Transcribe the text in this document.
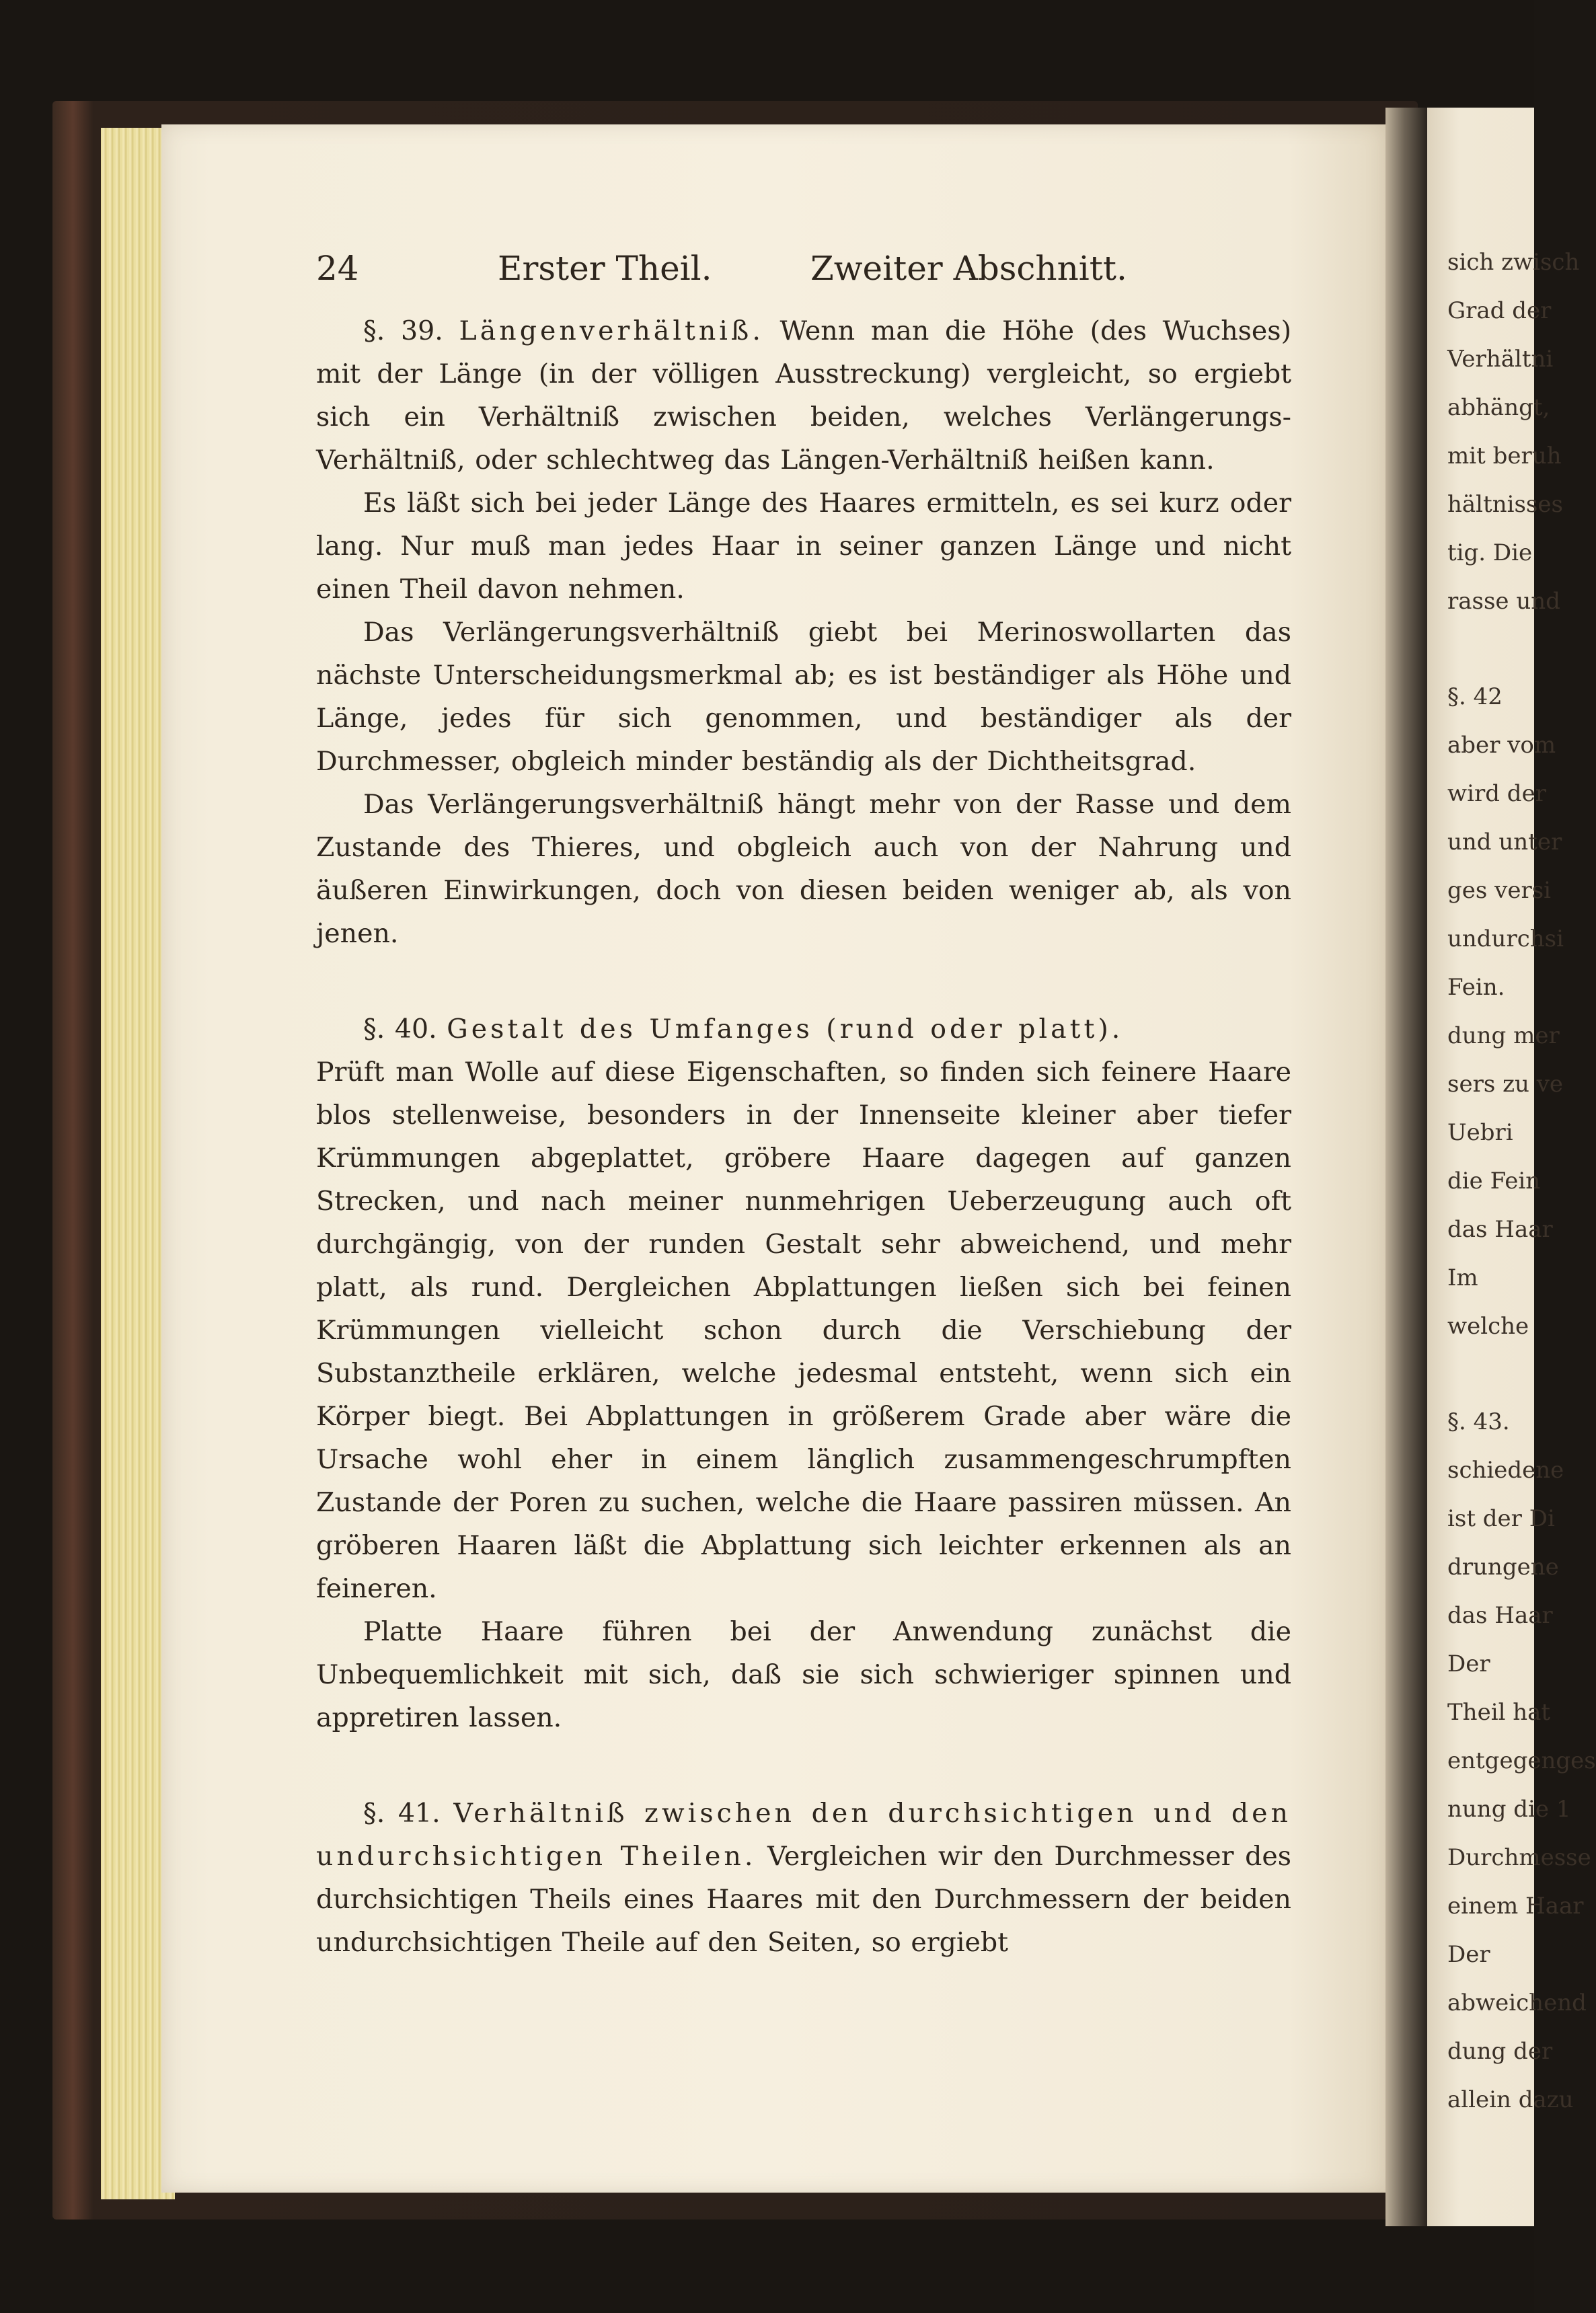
sich zwisch
Grad der
Verhältni
abhängt,
mit beruh
hältnisses
tig. Die
rasse und
§. 42
aber vom
wird der
und unter
ges versi
undurchsi
Fein.
dung mer
sers zu ve
Uebri
die Fein
das Haar
Im
welche
§. 43.
schiedene
ist der Di
drungene
das Haar
Der
Theil hat
entgegenges
nung die 1
Durchmesse
einem Haar
Der
abweichend
dung der
allein dazu
24	Erster Theil.	Zweiter Abschnitt.

§. 39. Längenverhältniß. Wenn man die Höhe (des Wuchses) mit der Länge (in der völligen Ausstreckung) vergleicht, so ergiebt sich ein Verhältniß zwischen beiden, welches Verlängerungs-Verhältniß, oder schlechtweg das Längen-Verhältniß heißen kann.

Es läßt sich bei jeder Länge des Haares ermitteln, es sei kurz oder lang. Nur muß man jedes Haar in seiner ganzen Länge und nicht einen Theil davon nehmen.

Das Verlängerungsverhältniß giebt bei Merinoswollarten das nächste Unterscheidungsmerkmal ab; es ist beständiger als Höhe und Länge, jedes für sich genommen, und beständiger als der Durchmesser, obgleich minder beständig als der Dichtheitsgrad.

Das Verlängerungsverhältniß hängt mehr von der Rasse und dem Zustande des Thieres, und obgleich auch von der Nahrung und äußeren Einwirkungen, doch von diesen beiden weniger ab, als von jenen.

§. 40. Gestalt des Umfanges (rund oder platt).

Prüft man Wolle auf diese Eigenschaften, so finden sich feinere Haare blos stellenweise, besonders in der Innenseite kleiner aber tiefer Krümmungen abgeplattet, gröbere Haare dagegen auf ganzen Strecken, und nach meiner nunmehrigen Ueberzeugung auch oft durchgängig, von der runden Gestalt sehr abweichend, und mehr platt, als rund. Dergleichen Abplattungen ließen sich bei feinen Krümmungen vielleicht schon durch die Verschiebung der Substanztheile erklären, welche jedesmal entsteht, wenn sich ein Körper biegt. Bei Abplattungen in größerem Grade aber wäre die Ursache wohl eher in einem länglich zusammengeschrumpften Zustande der Poren zu suchen, welche die Haare passiren müssen. An gröberen Haaren läßt die Abplattung sich leichter erkennen als an feineren.

Platte Haare führen bei der Anwendung zunächst die Unbequemlichkeit mit sich, daß sie sich schwieriger spinnen und appretiren lassen.

§. 41. Verhältniß zwischen den durchsichtigen und den undurchsichtigen Theilen. Vergleichen wir den Durchmesser des durchsichtigen Theils eines Haares mit den Durchmessern der beiden undurchsichtigen Theile auf den Seiten, so ergiebt
